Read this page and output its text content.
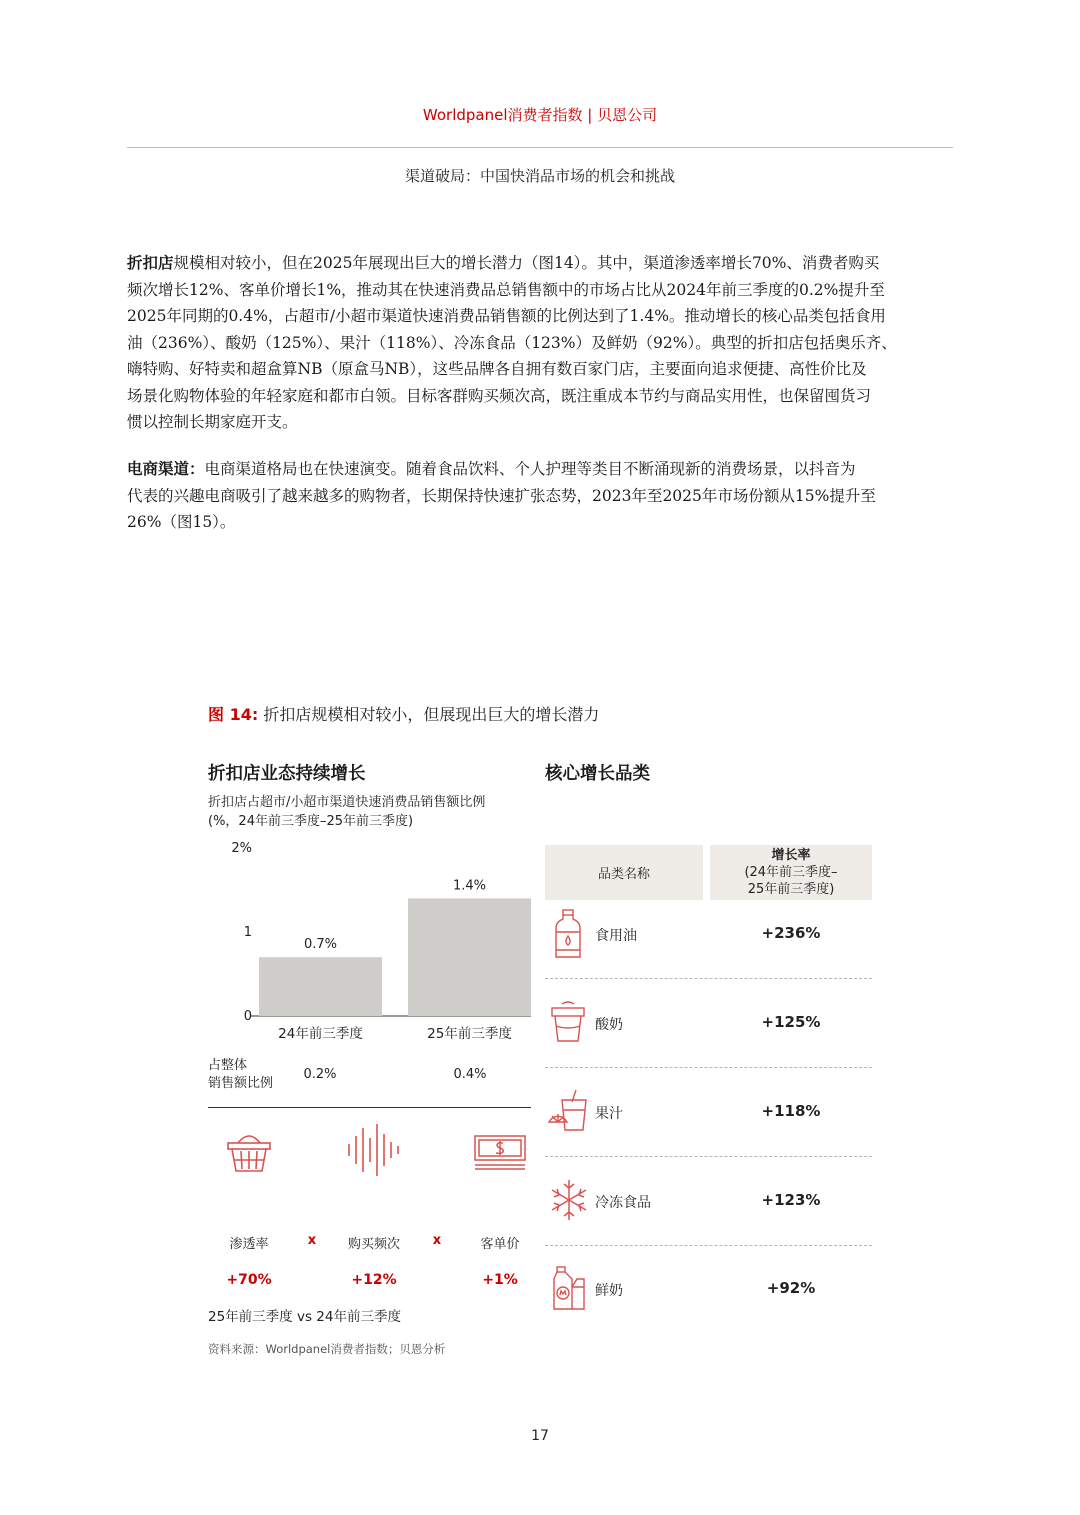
Worldpanel消费者指数 | 贝恩公司
渠道破局：中国快消品市场的机会和挑战
折扣店规模相对较小，但在2025年展现出巨大的增长潜力（图14）。其中，渠道渗透率增长70%、消费者购买
频次增长12%、客单价增长1%，推动其在快速消费品总销售额中的市场占比从2024年前三季度的0.2%提升至
2025年同期的0.4%，占超市/小超市渠道快速消费品销售额的比例达到了1.4%。推动增长的核心品类包括食用
油（236%）、酸奶（125%）、果汁（118%）、冷冻食品（123%）及鲜奶（92%）。典型的折扣店包括奥乐齐、
嗨特购、好特卖和超盒算NB（原盒马NB），这些品牌各自拥有数百家门店，主要面向追求便捷、高性价比及
场景化购物体验的年轻家庭和都市白领。目标客群购买频次高，既注重成本节约与商品实用性，也保留囤货习
惯以控制长期家庭开支。
电商渠道：电商渠道格局也在快速演变。随着食品饮料、个人护理等类目不断涌现新的消费场景，以抖音为
代表的兴趣电商吸引了越来越多的购物者，长期保持快速扩张态势，2023年至2025年市场份额从15%提升至
26%（图15）。
图 14: 折扣店规模相对较小，但展现出巨大的增长潜力
折扣店业态持续增长	核心增长品类
折扣店占超市/小超市渠道快速消费品销售额比例
(%，24年前三季度–25年前三季度)
0
1
2%
0.7%
24年前三季度
1.4%
25年前三季度
占整体
销售额比例
0.2%	0.4%
渗透率	x	购买频次	x	客单价
+70%	+12%	+1%
25年前三季度 vs 24年前三季度
资料来源：Worldpanel消费者指数；贝恩分析
品类名称
增长率
(24年前三季度–
25年前三季度)
食用油	+236%
酸奶	+125%
果汁	+118%
冷冻食品	+123%
鲜奶	+92%
17
